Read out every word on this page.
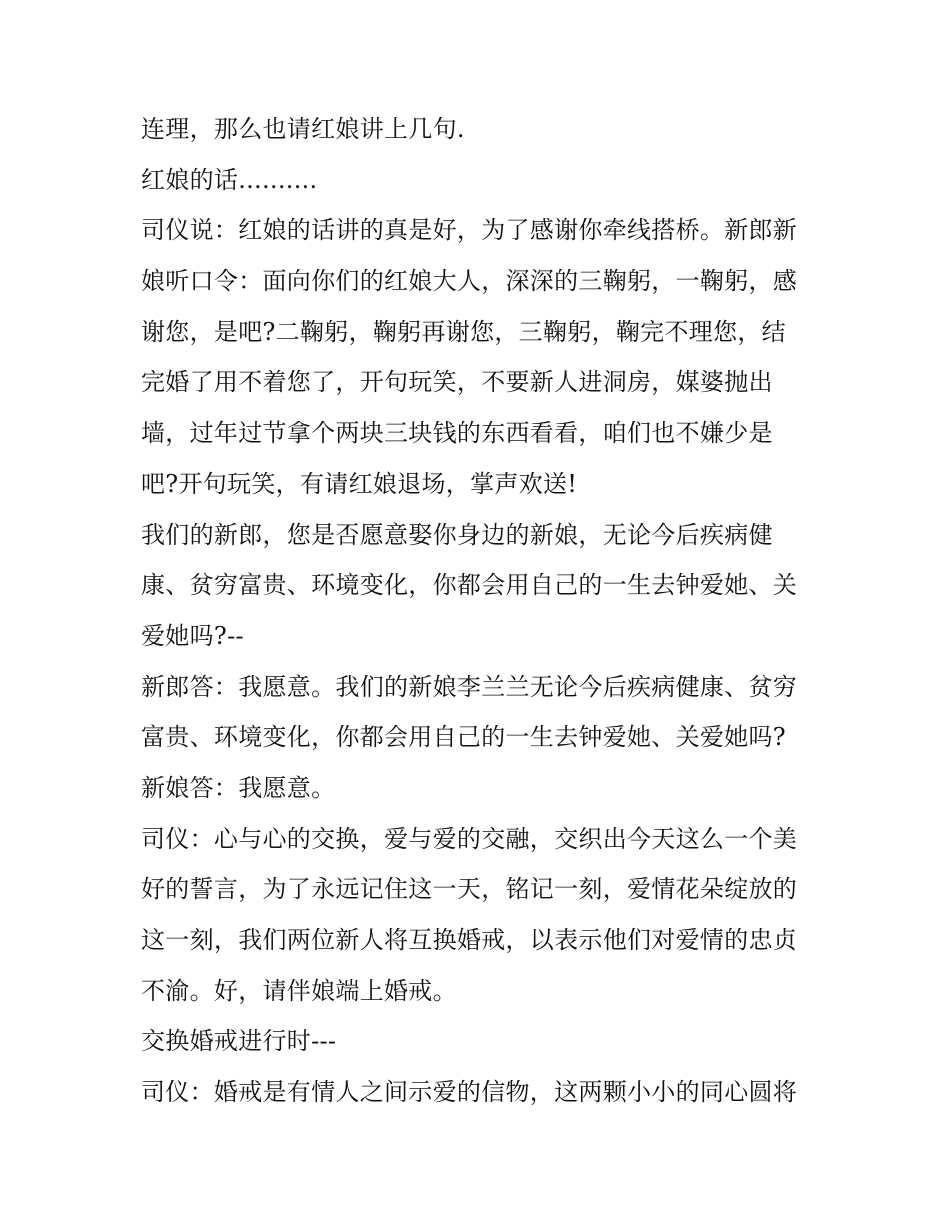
连理，那么也请红娘讲上几句.
红娘的话..........
司仪说：红娘的话讲的真是好，为了感谢你牵线搭桥。新郎新
娘听口令：面向你们的红娘大人，深深的三鞠躬，一鞠躬，感
谢您，是吧?二鞠躬，鞠躬再谢您，三鞠躬，鞠完不理您，结
完婚了用不着您了，开句玩笑，不要新人进洞房，媒婆抛出
墙，过年过节拿个两块三块钱的东西看看，咱们也不嫌少是
吧?开句玩笑，有请红娘退场，掌声欢送!
我们的新郎，您是否愿意娶你身边的新娘，无论今后疾病健
康、贫穷富贵、环境变化，你都会用自己的一生去钟爱她、关
爱她吗?--
新郎答：我愿意。我们的新娘李兰兰无论今后疾病健康、贫穷
富贵、环境变化，你都会用自己的一生去钟爱她、关爱她吗?
新娘答：我愿意。
司仪：心与心的交换，爱与爱的交融，交织出今天这么一个美
好的誓言，为了永远记住这一天，铭记一刻，爱情花朵绽放的
这一刻，我们两位新人将互换婚戒，以表示他们对爱情的忠贞
不渝。好，请伴娘端上婚戒。
交换婚戒进行时---
司仪：婚戒是有情人之间示爱的信物，这两颗小小的同心圆将
